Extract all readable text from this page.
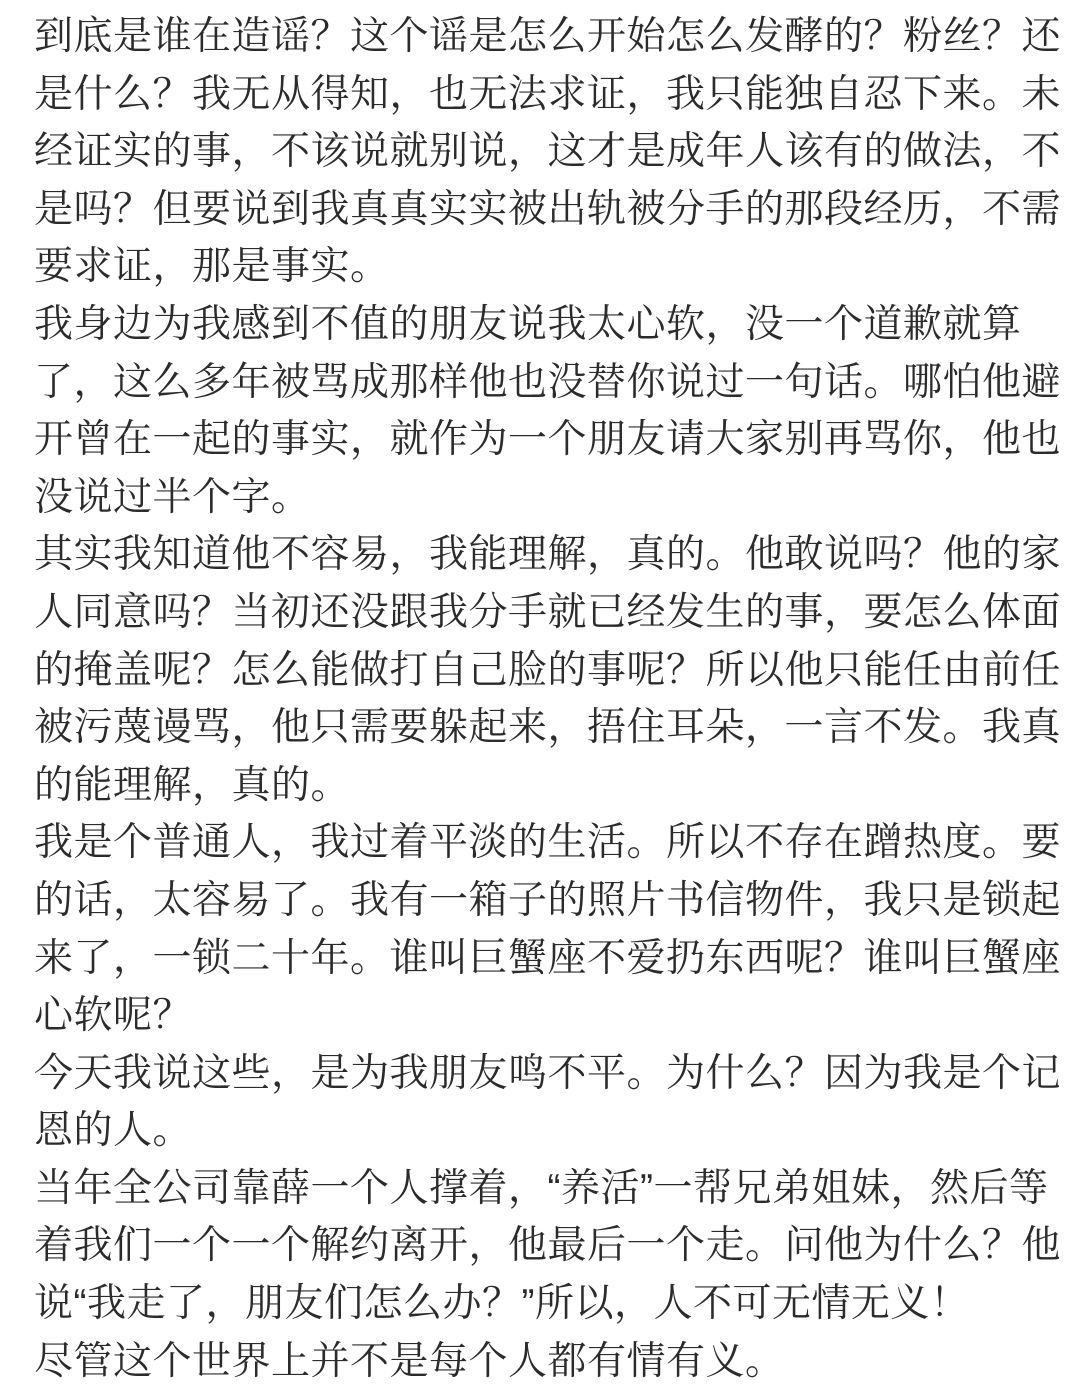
到底是谁在造谣？这个谣是怎么开始怎么发酵的？粉丝？还
是什么？我无从得知，也无法求证，我只能独自忍下来。未
经证实的事，不该说就别说，这才是成年人该有的做法，不
是吗？但要说到我真真实实被出轨被分手的那段经历，不需
要求证，那是事实。

我身边为我感到不值的朋友说我太心软，没一个道歉就算
了，这么多年被骂成那样他也没替你说过一句话。哪怕他避
开曾在一起的事实，就作为一个朋友请大家别再骂你，他也
没说过半个字。

其实我知道他不容易，我能理解，真的。他敢说吗？他的家
人同意吗？当初还没跟我分手就已经发生的事，要怎么体面
的掩盖呢？怎么能做打自己脸的事呢？所以他只能任由前任
被污蔑谩骂，他只需要躲起来，捂住耳朵，一言不发。我真
的能理解，真的。

我是个普通人，我过着平淡的生活。所以不存在蹭热度。要
的话，太容易了。我有一箱子的照片书信物件，我只是锁起
来了，一锁二十年。谁叫巨蟹座不爱扔东西呢？谁叫巨蟹座
心软呢？

今天我说这些，是为我朋友鸣不平。为什么？因为我是个记
恩的人。

当年全公司靠薛一个人撑着，“养活”一帮兄弟姐妹，然后等
着我们一个一个解约离开，他最后一个走。问他为什么？他
说“我走了，朋友们怎么办？”所以，人不可无情无义！

尽管这个世界上并不是每个人都有情有义。
